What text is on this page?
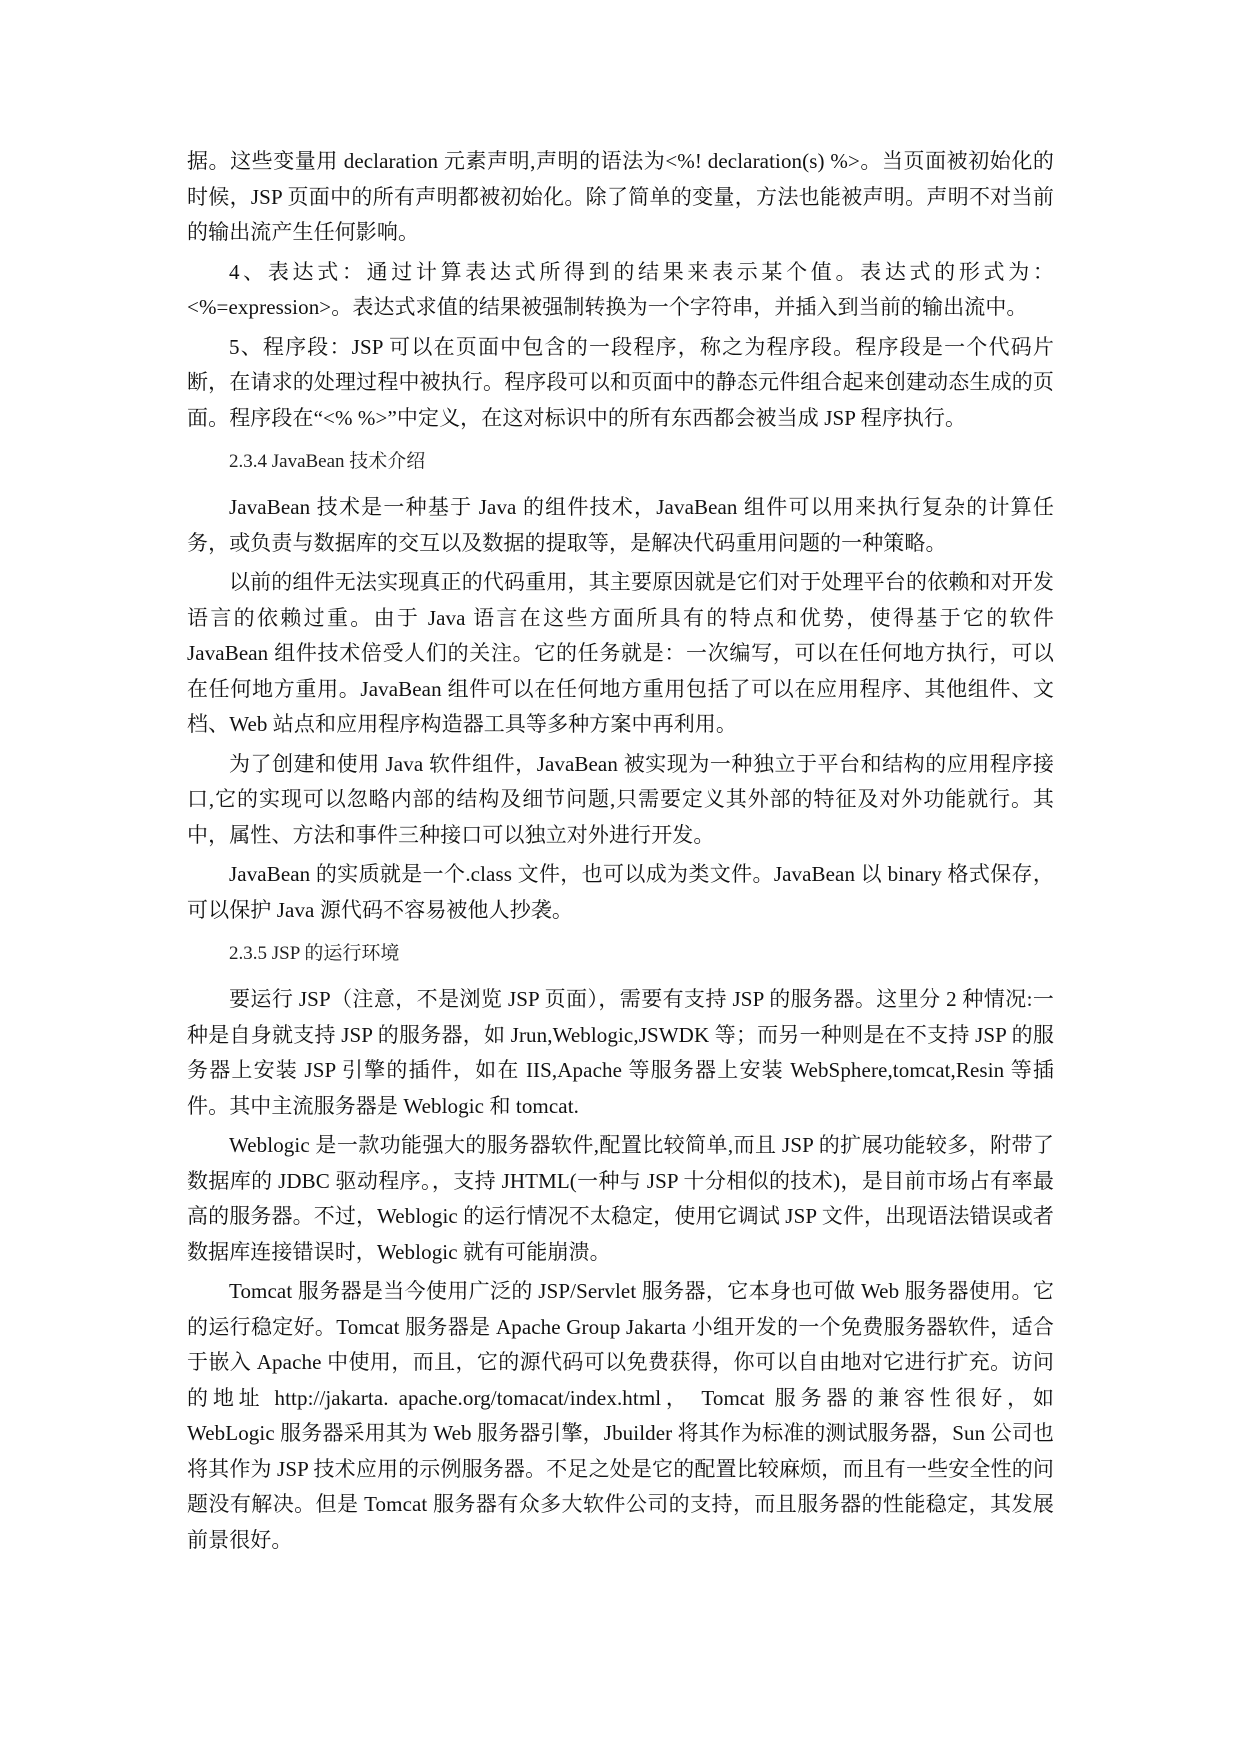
据。这些变量用 declaration 元素声明,声明的语法为<%! declaration(s) %>。当页面被初始化的时候，JSP 页面中的所有声明都被初始化。除了简单的变量，方法也能被声明。声明不对当前的输出流产生任何影响。

4、表达式：通过计算表达式所得到的结果来表示某个值。表达式的形式为：<%=expression>。表达式求值的结果被强制转换为一个字符串，并插入到当前的输出流中。

5、程序段：JSP 可以在页面中包含的一段程序，称之为程序段。程序段是一个代码片断，在请求的处理过程中被执行。程序段可以和页面中的静态元件组合起来创建动态生成的页面。程序段在“<% %>”中定义，在这对标识中的所有东西都会被当成 JSP 程序执行。

2.3.4 JavaBean 技术介绍

JavaBean 技术是一种基于 Java 的组件技术，JavaBean 组件可以用来执行复杂的计算任务，或负责与数据库的交互以及数据的提取等，是解决代码重用问题的一种策略。

以前的组件无法实现真正的代码重用，其主要原因就是它们对于处理平台的依赖和对开发语言的依赖过重。由于 Java 语言在这些方面所具有的特点和优势，使得基于它的软件 JavaBean 组件技术倍受人们的关注。它的任务就是：一次编写，可以在任何地方执行，可以在任何地方重用。JavaBean 组件可以在任何地方重用包括了可以在应用程序、其他组件、文档、Web 站点和应用程序构造器工具等多种方案中再利用。

为了创建和使用 Java 软件组件，JavaBean 被实现为一种独立于平台和结构的应用程序接口,它的实现可以忽略内部的结构及细节问题,只需要定义其外部的特征及对外功能就行。其中，属性、方法和事件三种接口可以独立对外进行开发。

JavaBean 的实质就是一个.class 文件，也可以成为类文件。JavaBean 以 binary 格式保存，可以保护 Java 源代码不容易被他人抄袭。

2.3.5 JSP 的运行环境

要运行 JSP（注意，不是浏览 JSP 页面），需要有支持 JSP 的服务器。这里分 2 种情况:一种是自身就支持 JSP 的服务器，如 Jrun,Weblogic,JSWDK 等；而另一种则是在不支持 JSP 的服务器上安装 JSP 引擎的插件，如在 IIS,Apache 等服务器上安装 WebSphere,tomcat,Resin 等插件。其中主流服务器是 Weblogic 和 tomcat.

Weblogic 是一款功能强大的服务器软件,配置比较简单,而且 JSP 的扩展功能较多，附带了数据库的 JDBC 驱动程序。，支持 JHTML(一种与 JSP 十分相似的技术)，是目前市场占有率最高的服务器。不过，Weblogic 的运行情况不太稳定，使用它调试 JSP 文件，出现语法错误或者数据库连接错误时，Weblogic 就有可能崩溃。

Tomcat 服务器是当今使用广泛的 JSP/Servlet 服务器，它本身也可做 Web 服务器使用。它的运行稳定好。Tomcat 服务器是 Apache Group Jakarta 小组开发的一个免费服务器软件，适合于嵌入 Apache 中使用，而且，它的源代码可以免费获得，你可以自由地对它进行扩充。访问的地址 http://jakarta. apache.org/tomacat/index.html， Tomcat 服务器的兼容性很好，如 WebLogic 服务器采用其为 Web 服务器引擎，Jbuilder 将其作为标准的测试服务器，Sun 公司也将其作为 JSP 技术应用的示例服务器。不足之处是它的配置比较麻烦，而且有一些安全性的问题没有解决。但是 Tomcat 服务器有众多大软件公司的支持，而且服务器的性能稳定，其发展前景很好。
